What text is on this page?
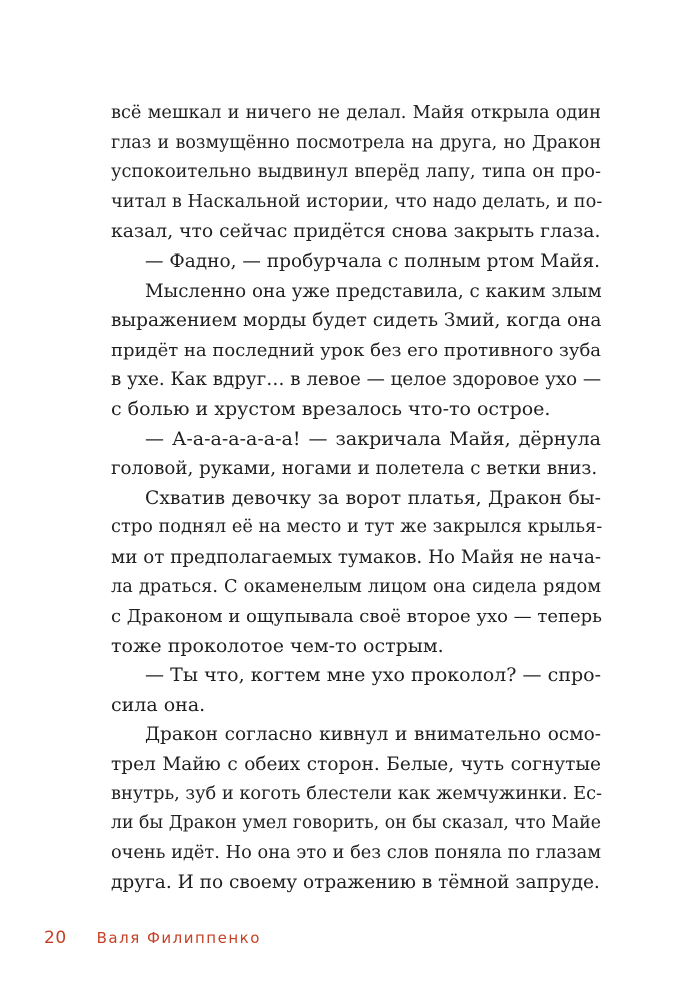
всё мешкал и ничего не делал. Майя открыла один
глаз и возмущённо посмотрела на друга, но Дракон
успокоительно выдвинул вперёд лапу, типа он про-
читал в Наскальной истории, что надо делать, и по-
казал, что сейчас придётся снова закрыть глаза.
— Фадно, — пробурчала с полным ртом Майя.
Мысленно она уже представила, с каким злым
выражением морды будет сидеть Змий, когда она
придёт на последний урок без его противного зуба
в ухе. Как вдруг… в левое — целое здоровое ухо —
с болью и хрустом врезалось что-то острое.
— А-а-а-а-а-а-а! — закричала Майя, дёрнула
головой, руками, ногами и полетела с ветки вниз.
Схватив девочку за ворот платья, Дракон бы-
стро поднял её на место и тут же закрылся крылья-
ми от предполагаемых тумаков. Но Майя не нача-
ла драться. С окаменелым лицом она сидела рядом
с Драконом и ощупывала своё второе ухо — теперь
тоже проколотое чем-то острым.
— Ты что, когтем мне ухо проколол? — спро-
сила она.
Дракон согласно кивнул и внимательно осмо-
трел Майю с обеих сторон. Белые, чуть согнутые
внутрь, зуб и коготь блестели как жемчужинки. Ес-
ли бы Дракон умел говорить, он бы сказал, что Майе
очень идёт. Но она это и без слов поняла по глазам
друга. И по своему отражению в тёмной запруде.
20 Валя Филиппенко
